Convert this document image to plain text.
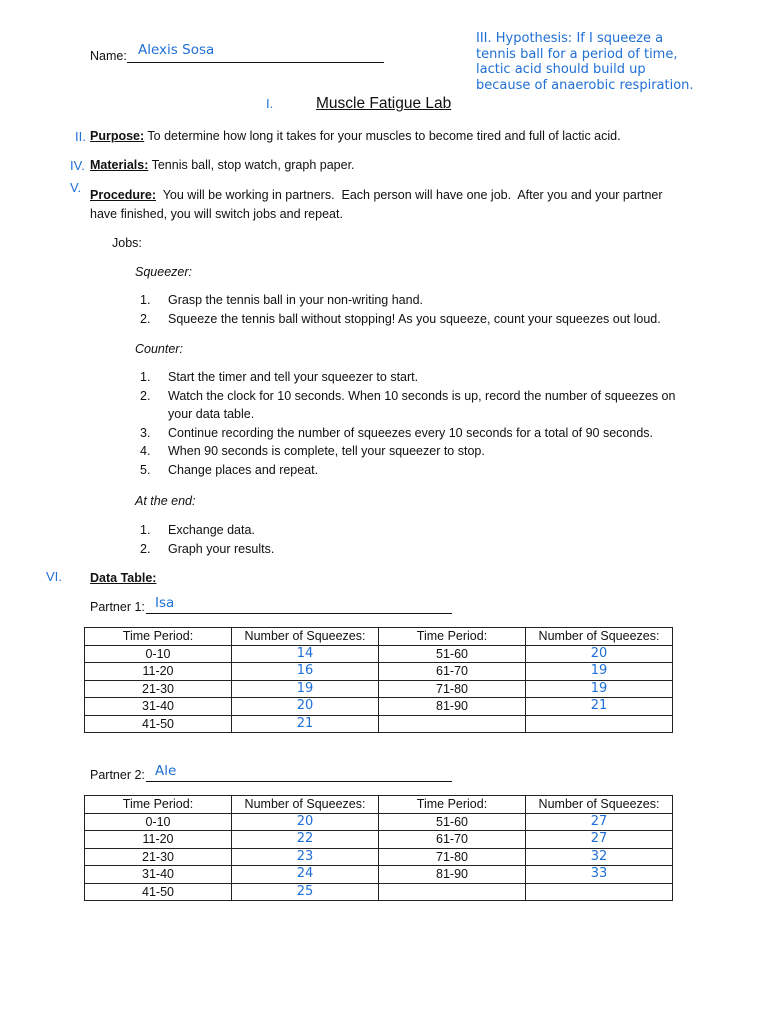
Name: Alexis Sosa
III. Hypothesis: If I squeeze a tennis ball for a period of time, lactic acid should build up because of anaerobic respiration.
I.	Muscle Fatigue Lab
II. Purpose: To determine how long it takes for your muscles to become tired and full of lactic acid.
IV. Materials: Tennis ball, stop watch, graph paper.
V. Procedure:  You will be working in partners.  Each person will have one job.  After you and your partner
have finished, you will switch jobs and repeat.
Jobs:
Squeezer:
1. Grasp the tennis ball in your non-writing hand.
2. Squeeze the tennis ball without stopping! As you squeeze, count your squeezes out loud.
Counter:
1. Start the timer and tell your squeezer to start.
2. Watch the clock for 10 seconds. When 10 seconds is up, record the number of squeezes on your data table.
3. Continue recording the number of squeezes every 10 seconds for a total of 90 seconds.
4. When 90 seconds is complete, tell your squeezer to stop.
5. Change places and repeat.
At the end:
1. Exchange data.
2. Graph your results.
VI. Data Table:
Partner 1: Isa
Time Period:	Number of Squeezes:	Time Period:	Number of Squeezes:
0-10	14	51-60	20
11-20	16	61-70	19
21-30	19	71-80	19
31-40	20	81-90	21
41-50	21		
Partner 2: Ale
Time Period:	Number of Squeezes:	Time Period:	Number of Squeezes:
0-10	20	51-60	27
11-20	22	61-70	27
21-30	23	71-80	32
31-40	24	81-90	33
41-50	25		
